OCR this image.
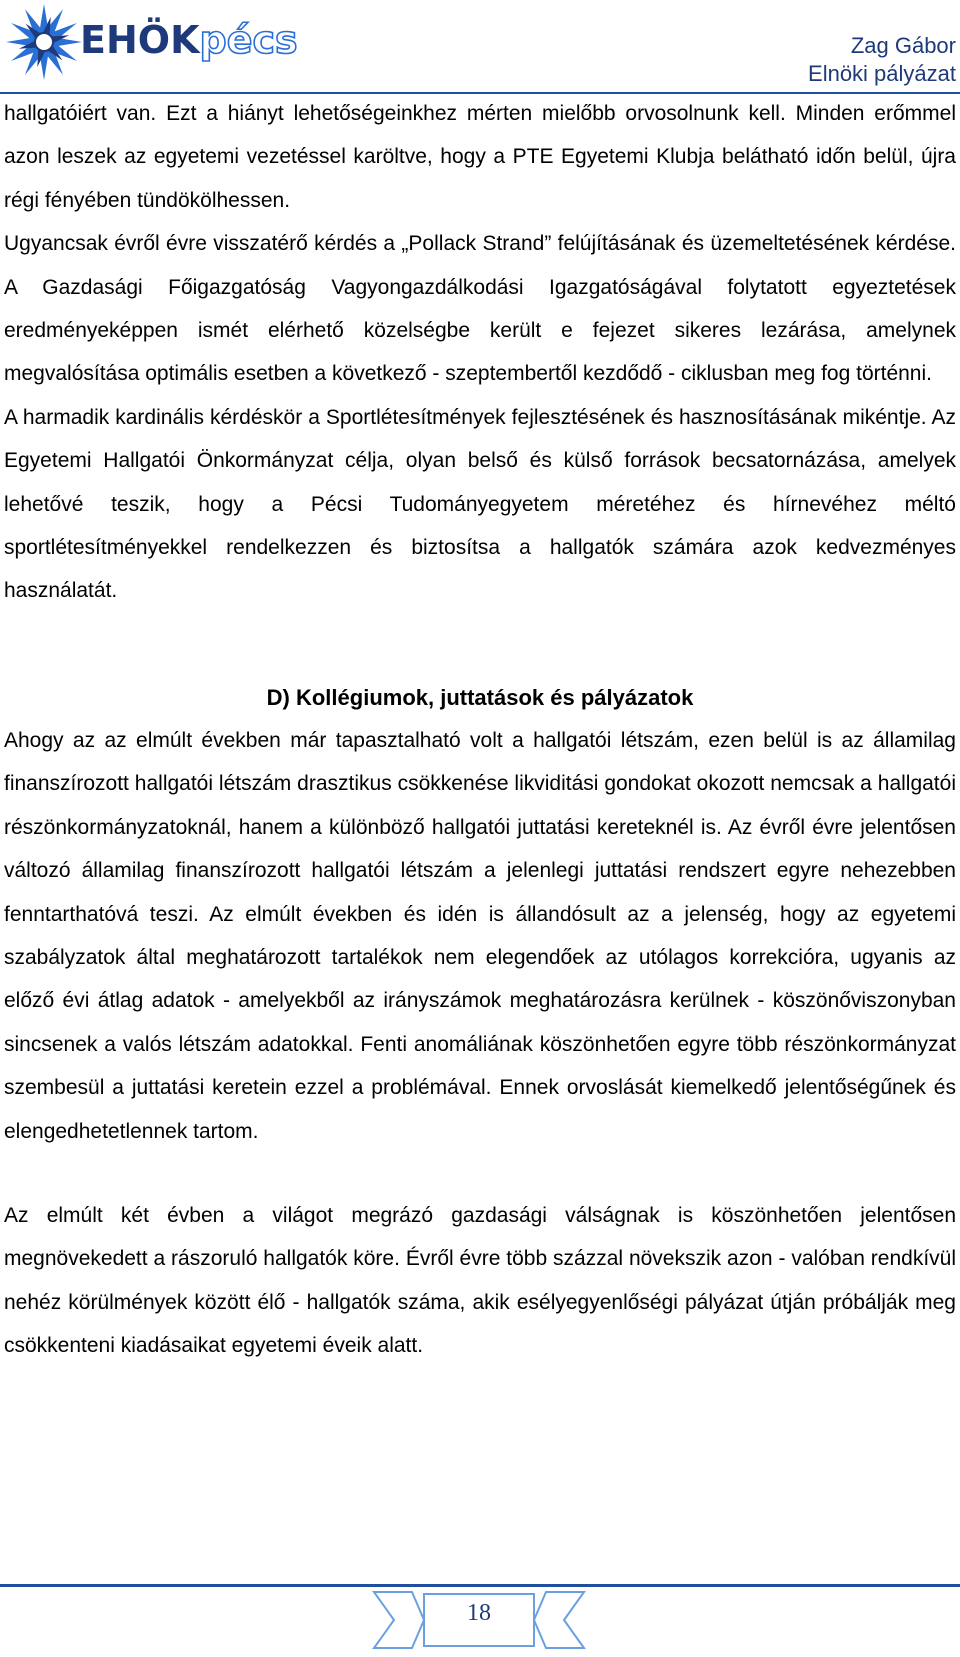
EHÖKpécs	Zag Gábor
Elnöki pályázat

hallgatóiért van. Ezt a hiányt lehetőségeinkhez mérten mielőbb orvosolnunk kell. Minden erőmmel azon leszek az egyetemi vezetéssel karöltve, hogy a PTE Egyetemi Klubja belátható időn belül, újra régi fényében tündökölhessen.

Ugyancsak évről évre visszatérő kérdés a „Pollack Strand” felújításának és üzemeltetésének kérdése. A Gazdasági Főigazgatóság Vagyongazdálkodási Igazgatóságával folytatott egyeztetések eredményeképpen ismét elérhető közelségbe került e fejezet sikeres lezárása, amelynek megvalósítása optimális esetben a következő - szeptembertől kezdődő - ciklusban meg fog történni.

A harmadik kardinális kérdéskör a Sportlétesítmények fejlesztésének és hasznosításának mikéntje. Az Egyetemi Hallgatói Önkormányzat célja, olyan belső és külső források becsatornázása, amelyek lehetővé teszik, hogy a Pécsi Tudományegyetem méretéhez és hírnevéhez méltó sportlétesítményekkel rendelkezzen és biztosítsa a hallgatók számára azok kedvezményes használatát.

D) Kollégiumok, juttatások és pályázatok

Ahogy az az elmúlt években már tapasztalható volt a hallgatói létszám, ezen belül is az államilag finanszírozott hallgatói létszám drasztikus csökkenése likviditási gondokat okozott nemcsak a hallgatói részönkormányzatoknál, hanem a különböző hallgatói juttatási kereteknél is. Az évről évre jelentősen változó államilag finanszírozott hallgatói létszám a jelenlegi juttatási rendszert egyre nehezebben fenntarthatóvá teszi. Az elmúlt években és idén is állandósult az a jelenség, hogy az egyetemi szabályzatok által meghatározott tartalékok nem elegendőek az utólagos korrekcióra, ugyanis az előző évi átlag adatok - amelyekből az irányszámok meghatározásra kerülnek - köszönőviszonyban sincsenek a valós létszám adatokkal. Fenti anomáliának köszönhetően egyre több részönkormányzat szembesül a juttatási keretein ezzel a problémával. Ennek orvoslását kiemelkedő jelentőségűnek és elengedhetetlennek tartom.

Az elmúlt két évben a világot megrázó gazdasági válságnak is köszönhetően jelentősen megnövekedett a rászoruló hallgatók köre. Évről évre több százzal növekszik azon - valóban rendkívül nehéz körülmények között élő - hallgatók száma, akik esélyegyenlőségi pályázat útján próbálják meg csökkenteni kiadásaikat egyetemi éveik alatt.

18
